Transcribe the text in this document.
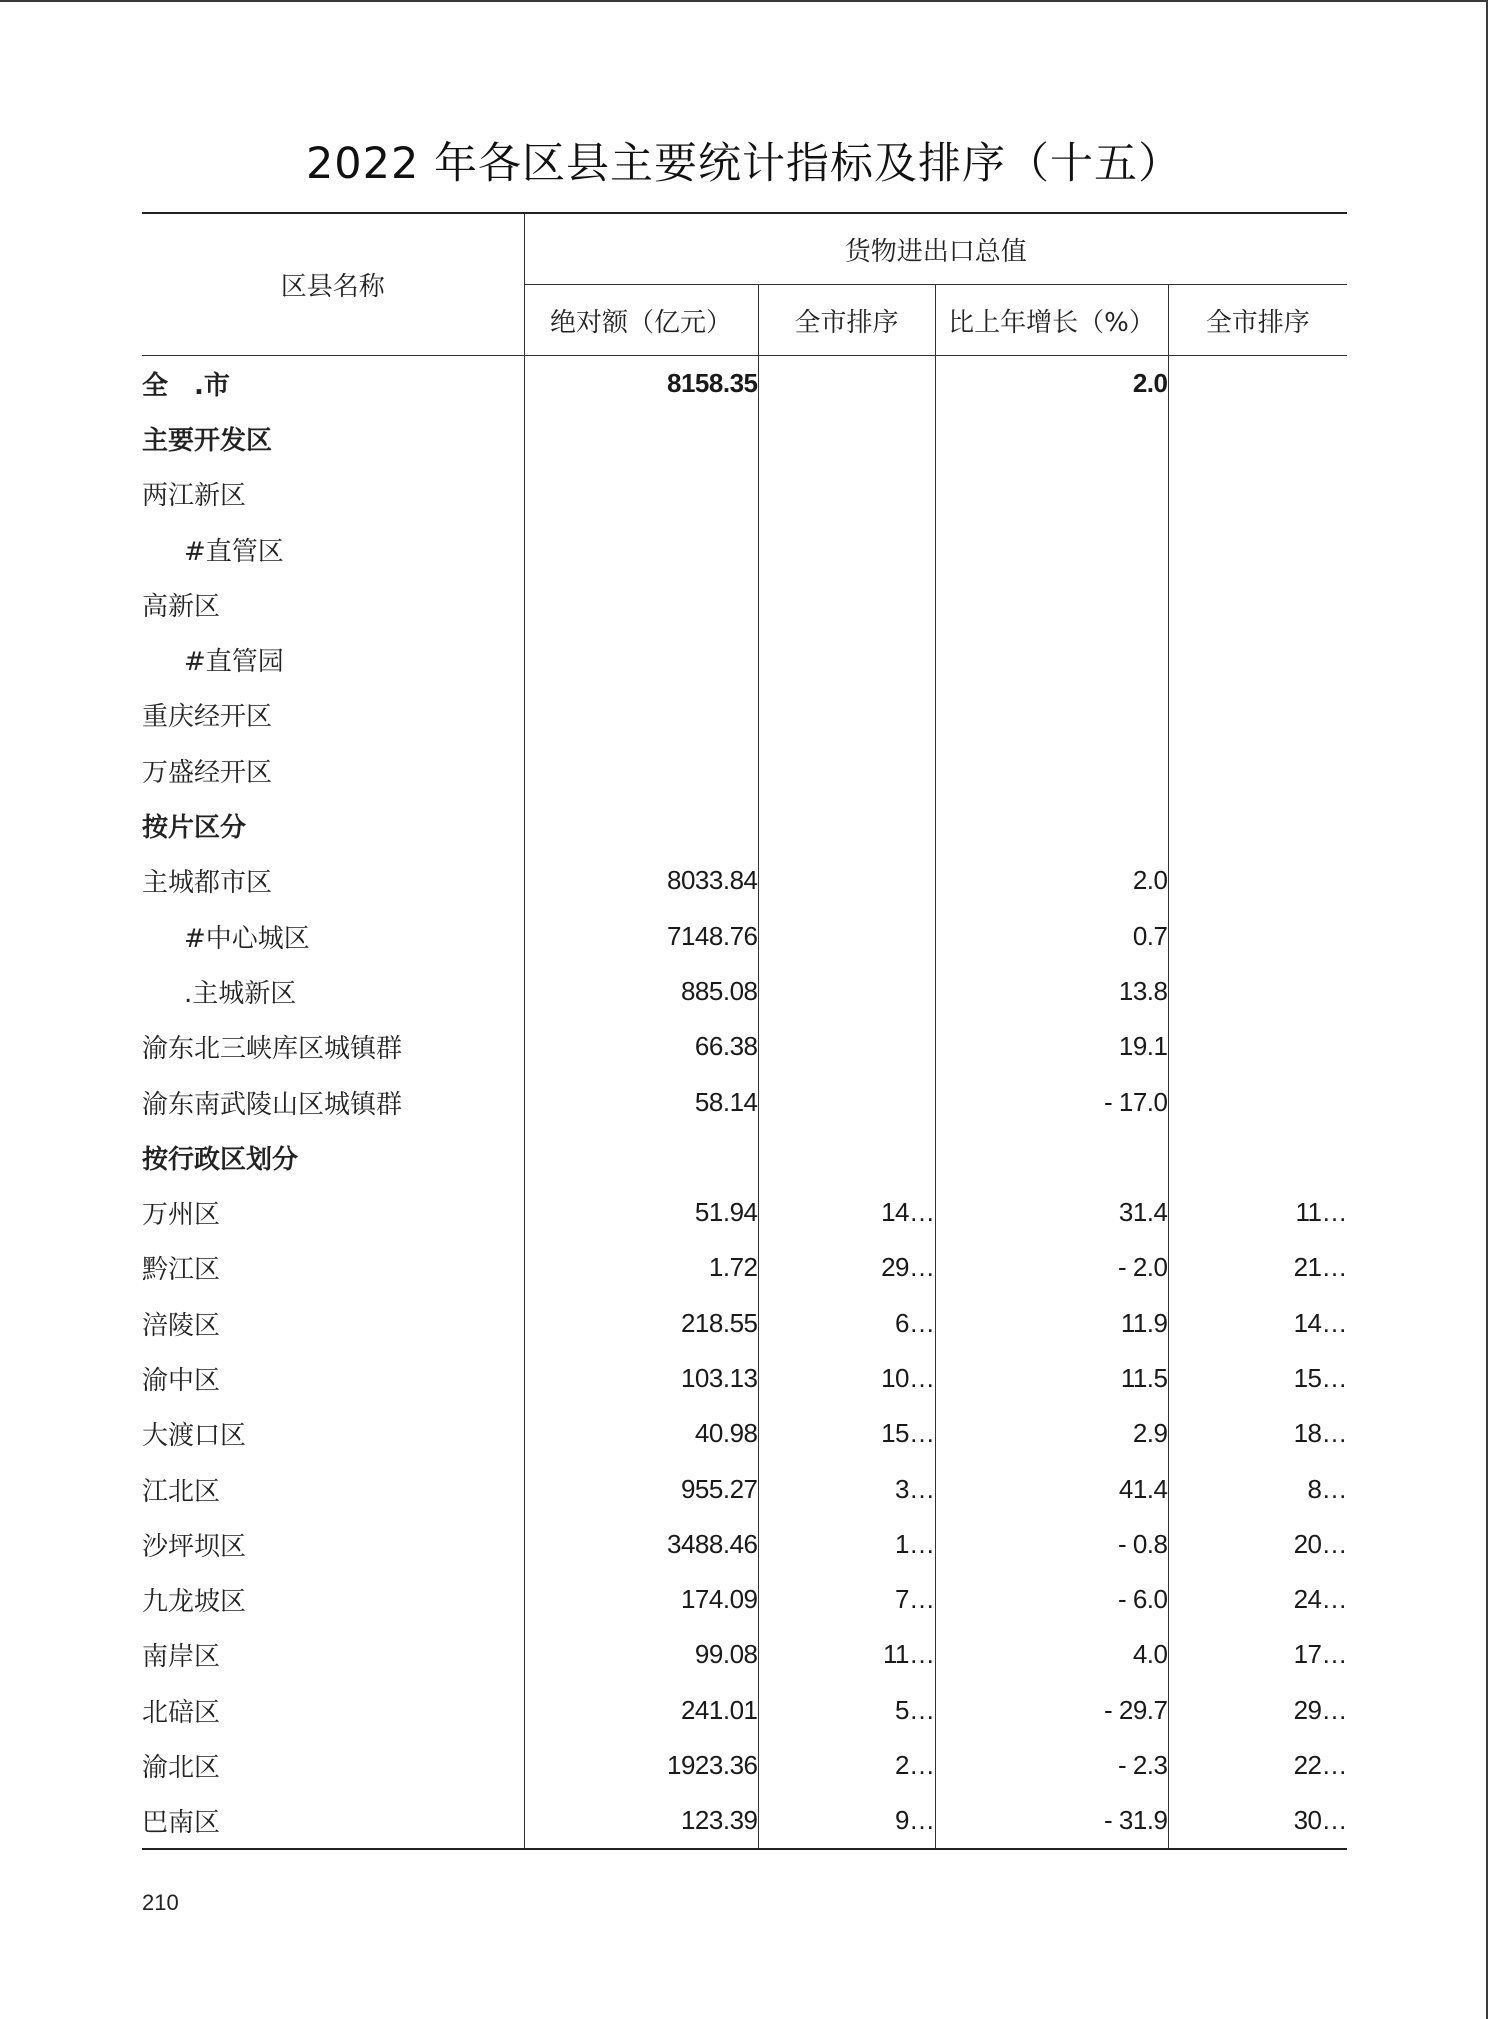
2022 年各区县主要统计指标及排序（十五）
区县名称	货物进出口总值			
	绝对额（亿元）	全市排序	比上年增长（%）	全市排序
全　.市	8158.35		2.0	
主要开发区				
两江新区				
#直管区				
高新区				
#直管园				
重庆经开区				
万盛经开区				
按片区分				
主城都市区	8033.84		2.0	
#中心城区	7148.76		0.7	
.主城新区	885.08		13.8	
渝东北三峡库区城镇群	66.38		19.1	
渝东南武陵山区城镇群	58.14		- 17.0	
按行政区划分				
万州区	51.94	14…	31.4	11…
黔江区	1.72	29…	- 2.0	21…
涪陵区	218.55	6…	11.9	14…
渝中区	103.13	10…	11.5	15…
大渡口区	40.98	15…	2.9	18…
江北区	955.27	3…	41.4	8…
沙坪坝区	3488.46	1…	- 0.8	20…
九龙坡区	174.09	7…	- 6.0	24…
南岸区	99.08	11…	4.0	17…
北碚区	241.01	5…	- 29.7	29…
渝北区	1923.36	2…	- 2.3	22…
巴南区	123.39	9…	- 31.9	30…
210
